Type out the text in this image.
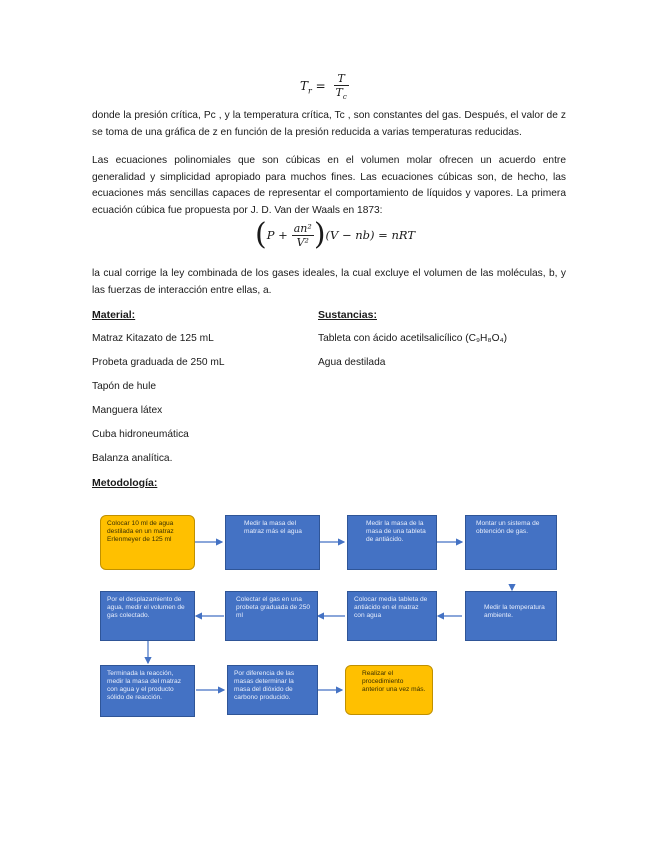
$T_r = \frac{T}{T_c}$

donde la presión crítica, Pc , y la temperatura crítica, Tc , son constantes del gas. Después, el valor de z se toma de una gráfica de z en función de la presión reducida a varias temperaturas reducidas.

Las ecuaciones polinomiales que son cúbicas en el volumen molar ofrecen un acuerdo entre generalidad y simplicidad apropiado para muchos fines. Las ecuaciones cúbicas son, de hecho, las ecuaciones más sencillas capaces de representar el comportamiento de líquidos y vapores. La primera ecuación cúbica fue propuesta por J. D. Van der Waals en 1873:

( $P + \frac{\text{an²}}{\text{V²}}$ ) (V − nb) = nRT

la cual corrige la ley combinada de los gases ideales, la cual excluye el volumen de las moléculas, b, y las fuerzas de interacción entre ellas, a.

Material:
Matraz Kitazato de 125 mL
Probeta graduada de 250 mL
Tapón de hule
Manguera látex
Cuba hidroneumática
Balanza analítica.
Sustancias:
Tableta con ácido acetilsalicílico (C₉H₈O₄)
Agua destilada
Metodología:
Colocar 10 ml de agua destilada en un matraz Erlenmeyer de 125 ml
Medir la masa del matraz más el agua
Medir la masa de la masa de una tableta de antiácido.
Montar un sistema de obtención de gas.
Medir la temperatura ambiente.
Colocar media tableta de antiácido en el matraz con agua
Colectar el gas en una probeta graduada de 250 ml
Por el desplazamiento de agua, medir el volumen de gas colectado.
Terminada la reacción, medir la masa del matraz con agua y el producto sólido de reacción.
Por diferencia de las masas determinar la masa del dióxido de carbono producido.
Realizar el procedimiento anterior una vez más.
